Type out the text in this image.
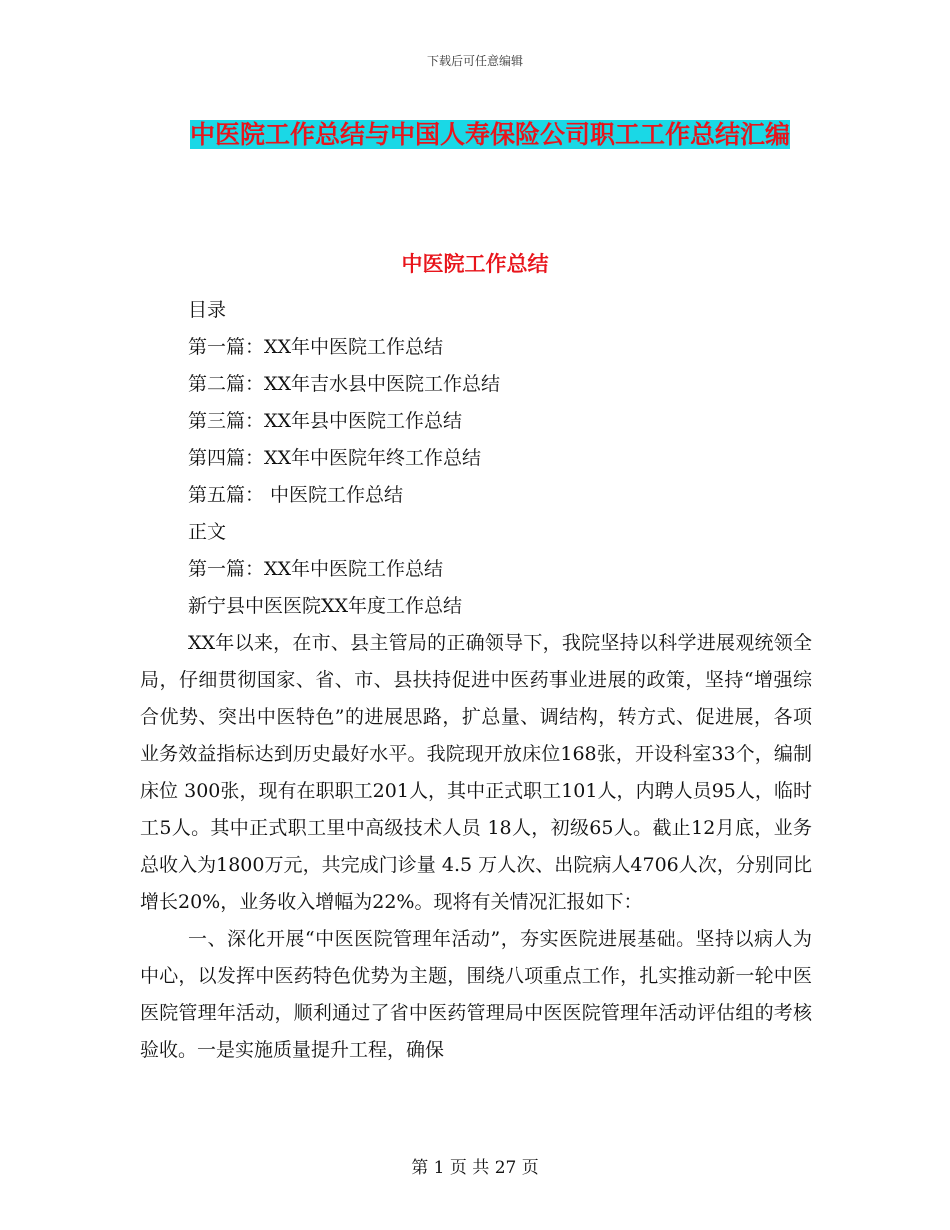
下载后可任意编辑
中医院工作总结与中国人寿保险公司职工工作总结汇编
中医院工作总结

目录

第一篇：XX年中医院工作总结

第二篇：XX年吉水县中医院工作总结

第三篇：XX年县中医院工作总结

第四篇：XX年中医院年终工作总结

第五篇： 中医院工作总结

正文

第一篇：XX年中医院工作总结

新宁县中医医院XX年度工作总结

XX年以来，在市、县主管局的正确领导下，我院坚持以科学进展观统领全局，仔细贯彻国家、省、市、县扶持促进中医药事业进展的政策，坚持“增强综合优势、突出中医特色”的进展思路，扩总量、调结构，转方式、促进展，各项业务效益指标达到历史最好水平。我院现开放床位168张，开设科室33个，编制床位 300张，现有在职职工201人，其中正式职工101人，内聘人员95人，临时工5人。其中正式职工里中高级技术人员 18人，初级65人。截止12月底，业务总收入为1800万元，共完成门诊量 4.5 万人次、出院病人4706人次，分别同比增长20%，业务收入增幅为22%。现将有关情况汇报如下：

一、深化开展“中医医院管理年活动”，夯实医院进展基础。坚持以病人为中心，以发挥中医药特色优势为主题，围绕八项重点工作，扎实推动新一轮中医医院管理年活动，顺利通过了省中医药管理局中医医院管理年活动评估组的考核验收。一是实施质量提升工程，确保

第 1 页 共 27 页
